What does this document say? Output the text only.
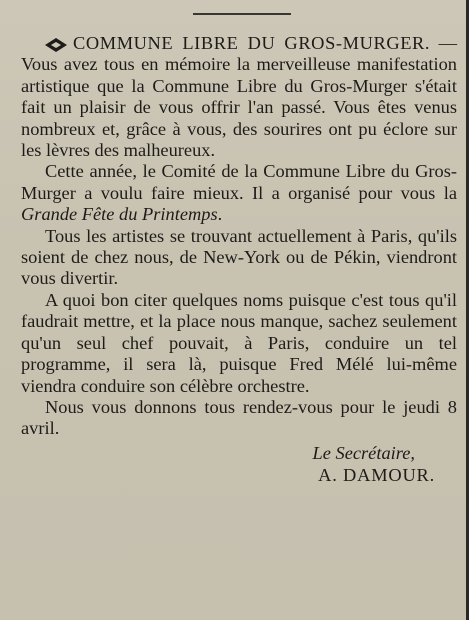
COMMUNE LIBRE DU GROS-MURGER. — Vous avez tous en mémoire la merveilleuse manifestation artistique que la Commune Libre du Gros-Murger s'était fait un plaisir de vous offrir l'an passé. Vous êtes venus nombreux et, grâce à vous, des sourires ont pu éclore sur les lèvres des malheureux.

Cette année, le Comité de la Commune Libre du Gros-Murger a voulu faire mieux. Il a organisé pour vous la Grande Fête du Printemps.

Tous les artistes se trouvant actuellement à Paris, qu'ils soient de chez nous, de New-York ou de Pékin, viendront vous divertir.

A quoi bon citer quelques noms puisque c'est tous qu'il faudrait mettre, et la place nous manque, sachez seulement qu'un seul chef pouvait, à Paris, conduire un tel programme, il sera là, puisque Fred Mélé lui-même viendra conduire son célèbre orchestre.

Nous vous donnons tous rendez-vous pour le jeudi 8 avril.

Le Secrétaire,
A. DAMOUR.
